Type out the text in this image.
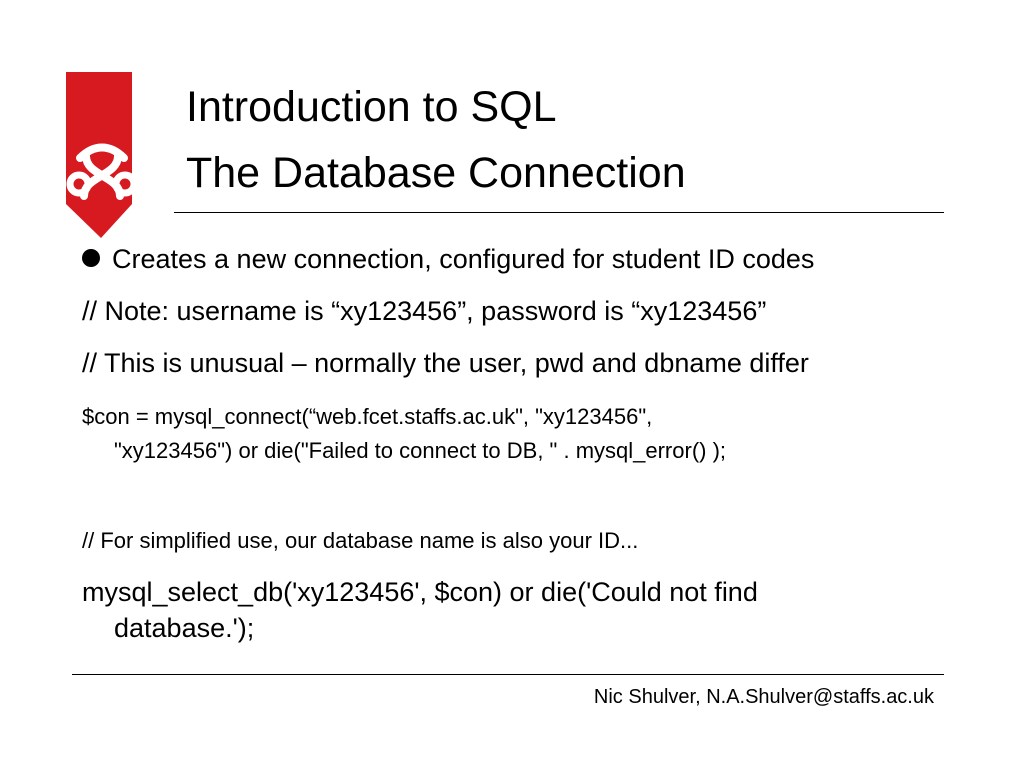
Introduction to SQL
The Database Connection
Creates a new connection, configured for student ID codes
// Note: username is “xy123456”, password is “xy123456”
// This is unusual – normally the user, pwd and dbname differ
$con = mysql_connect(“web.fcet.staffs.ac.uk", "xy123456",
"xy123456") or die("Failed to connect to DB, " . mysql_error() );
// For simplified use, our database name is also your ID...
mysql_select_db('xy123456', $con) or die('Could not find
database.');
Nic Shulver, N.A.Shulver@staffs.ac.uk
